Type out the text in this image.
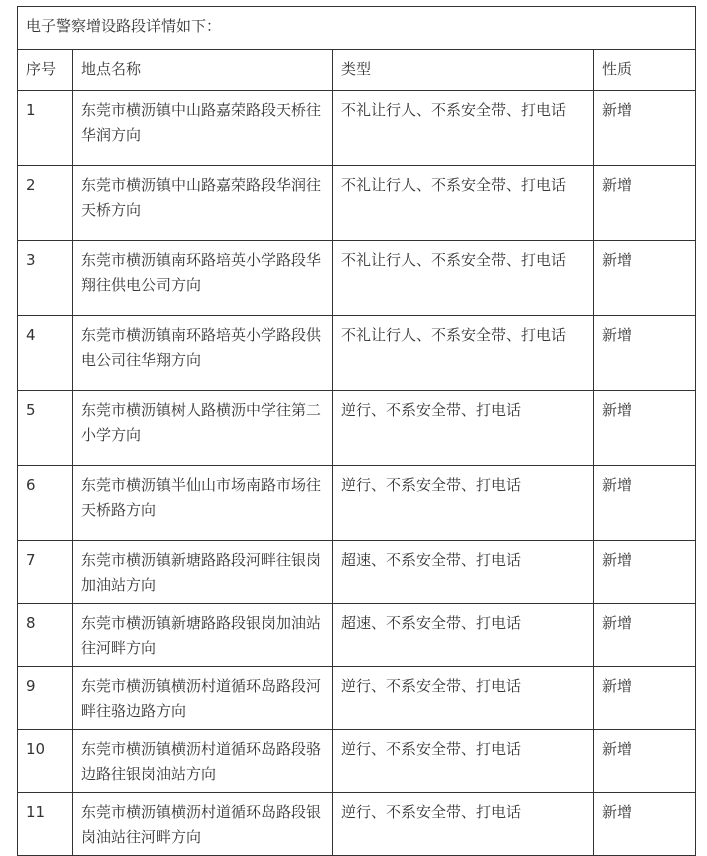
电子警察增设路段详情如下：			
序号	地点名称	类型	性质
1	东莞市横沥镇中山路嘉荣路段天桥往华润方向	不礼让行人、不系安全带、打电话	新增
2	东莞市横沥镇中山路嘉荣路段华润往天桥方向	不礼让行人、不系安全带、打电话	新增
3	东莞市横沥镇南环路培英小学路段华翔往供电公司方向	不礼让行人、不系安全带、打电话	新增
4	东莞市横沥镇南环路培英小学路段供电公司往华翔方向	不礼让行人、不系安全带、打电话	新增
5	东莞市横沥镇树人路横沥中学往第二小学方向	逆行、不系安全带、打电话	新增
6	东莞市横沥镇半仙山市场南路市场往天桥路方向	逆行、不系安全带、打电话	新增
7	东莞市横沥镇新塘路路段河畔往银岗加油站方向	超速、不系安全带、打电话	新增
8	东莞市横沥镇新塘路路段银岗加油站往河畔方向	超速、不系安全带、打电话	新增
9	东莞市横沥镇横沥村道循环岛路段河畔往骆边路方向	逆行、不系安全带、打电话	新增
10	东莞市横沥镇横沥村道循环岛路段骆边路往银岗油站方向	逆行、不系安全带、打电话	新增
11	东莞市横沥镇横沥村道循环岛路段银岗油站往河畔方向	逆行、不系安全带、打电话	新增
